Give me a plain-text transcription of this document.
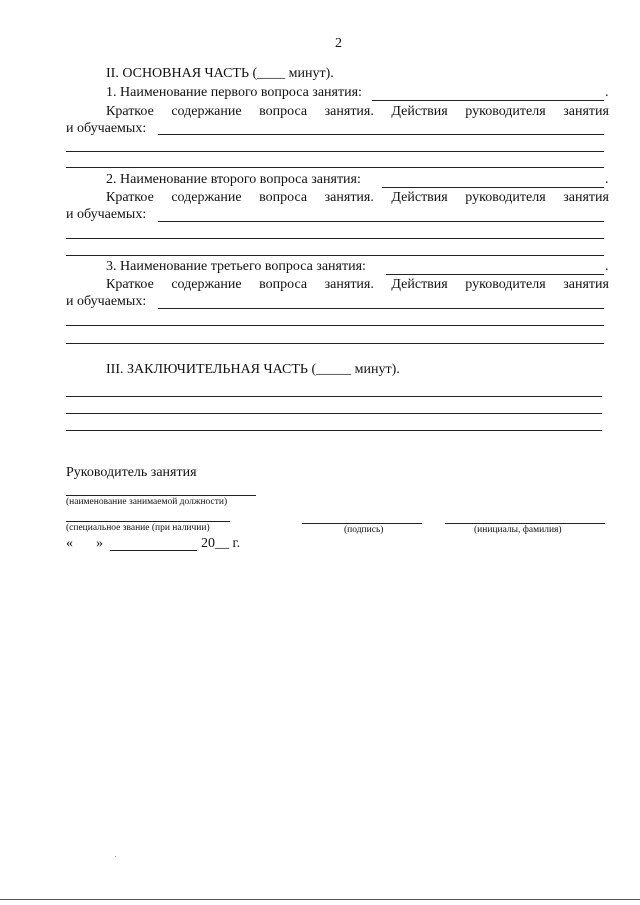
2
II. ОСНОВНАЯ ЧАСТЬ (____ минут).
1. Наименование первого вопроса занятия:	.
Краткое содержание вопроса занятия. Действия руководителя занятия
и обучаемых:
2. Наименование второго вопроса занятия:	.
Краткое содержание вопроса занятия. Действия руководителя занятия
и обучаемых:
3. Наименование третьего вопроса занятия:	.
Краткое содержание вопроса занятия. Действия руководителя занятия
и обучаемых:
III. ЗАКЛЮЧИТЕЛЬНАЯ ЧАСТЬ (_____ минут).
Руководитель занятия
(наименование занимаемой должности)
(специальное звание (при наличии)	(подпись)	(инициалы, фамилия)
« »	20__ г.
